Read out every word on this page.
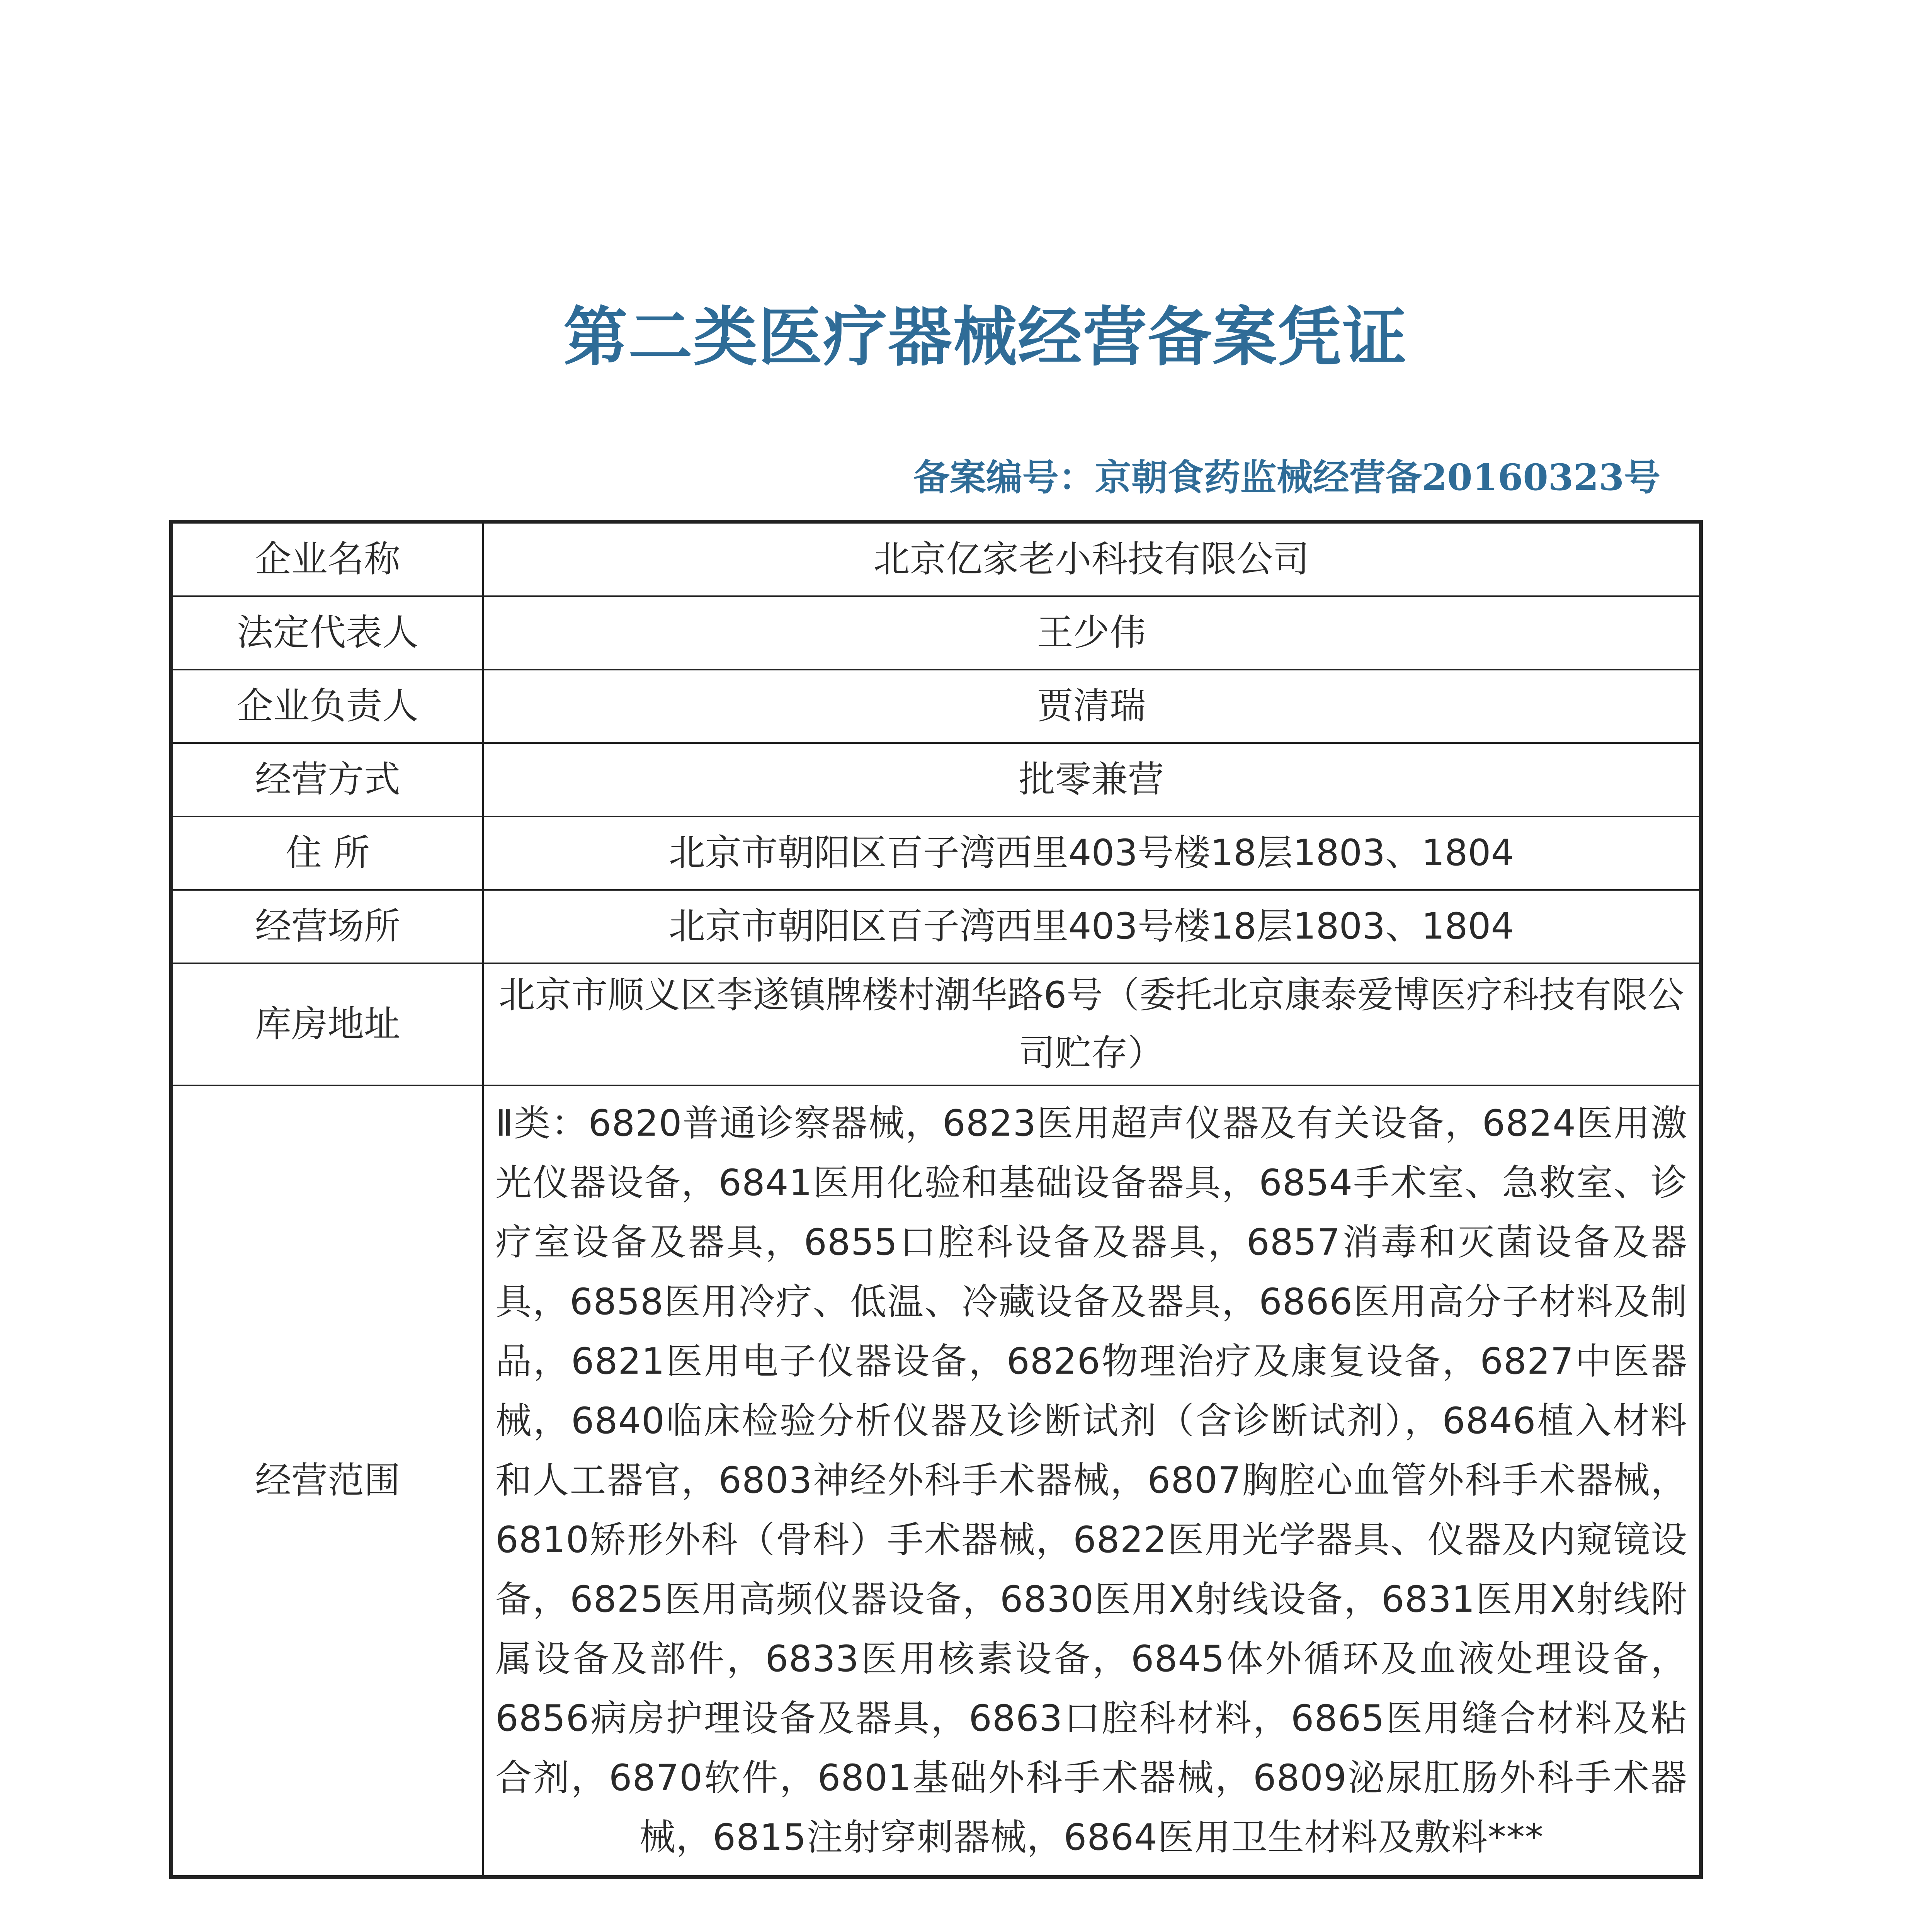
第二类医疗器械经营备案凭证
备案编号：京朝食药监械经营备20160323号
企业名称	北京亿家老小科技有限公司
法定代表人	王少伟
企业负责人	贾清瑞
经营方式	批零兼营
住 所	北京市朝阳区百子湾西里403号楼18层1803、1804
经营场所	北京市朝阳区百子湾西里403号楼18层1803、1804
库房地址	北京市顺义区李遂镇牌楼村潮华路6号（委托北京康泰爱博医疗科技有限公司贮存）
经营范围	Ⅱ类：6820普通诊察器械，6823医用超声仪器及有关设备，6824医用激光仪器设备，6841医用化验和基础设备器具，6854手术室、急救室、诊疗室设备及器具，6855口腔科设备及器具，6857消毒和灭菌设备及器具，6858医用冷疗、低温、冷藏设备及器具，6866医用高分子材料及制品，6821医用电子仪器设备，6826物理治疗及康复设备，6827中医器械，6840临床检验分析仪器及诊断试剂（含诊断试剂），6846植入材料和人工器官，6803神经外科手术器械，6807胸腔心血管外科手术器械，6810矫形外科（骨科）手术器械，6822医用光学器具、仪器及内窥镜设备，6825医用高频仪器设备，6830医用X射线设备，6831医用X射线附属设备及部件，6833医用核素设备，6845体外循环及血液处理设备，6856病房护理设备及器具，6863口腔科材料，6865医用缝合材料及粘合剂，6870软件，6801基础外科手术器械，6809泌尿肛肠外科手术器械，6815注射穿刺器械，6864医用卫生材料及敷料***
